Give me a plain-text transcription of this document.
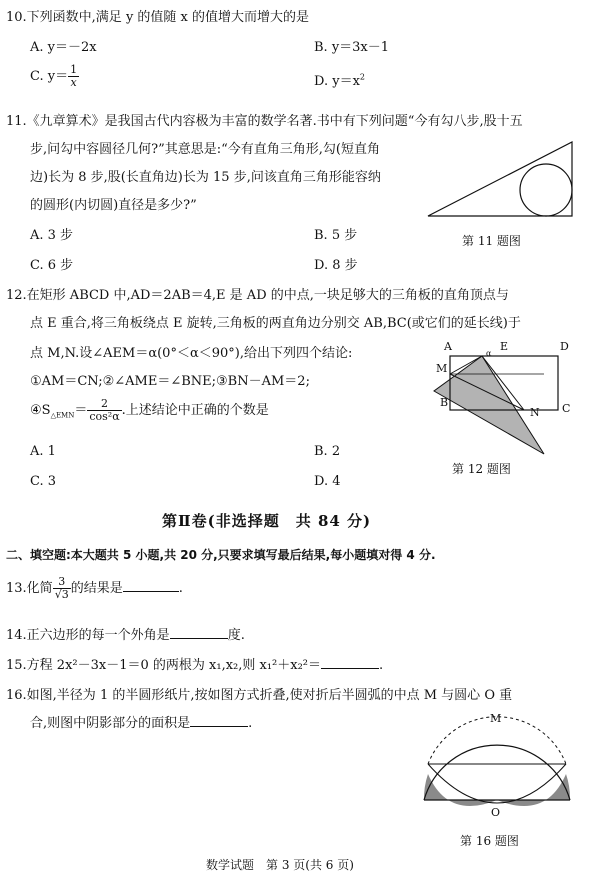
10.下列函数中,满足 y 的值随 x 的值增大而增大的是
A. y＝－2x	B. y＝3x－1
C. $y= \frac{1}{x}$	D. $y=x^2$
11.《九章算术》是我国古代内容极为丰富的数学名著.书中有下列问题“今有勾八步,股十五
步,问勾中容圆径几何?”其意思是:“今有直角三角形,勾(短直角
边)长为 8 步,股(长直角边)长为 15 步,问该直角三角形能容纳
的圆形(内切圆)直径是多少?”
A. 3 步	B. 5 步
C. 6 步	D. 8 步
第 11 题图
12.在矩形 ABCD 中,AD＝2AB＝4,E 是 AD 的中点,一块足够大的三角板的直角顶点与
点 E 重合,将三角板绕点 E 旋转,三角板的两直角边分别交 AB,BC(或它们的延长线)于
点 M,N.设∠AEM＝α(0°＜α＜90°),给出下列四个结论:
①AM＝CN;②∠AME＝∠BNE;③BN－AM＝2;
$④S_{\triangle EMN}= \frac{2}{\text{cos²α}}$ .上述结论中正确的个数是
A. 1	B. 2
C. 3	D. 4
A	E	D
α
M
B
N C
第 12 题图
第Ⅱ卷(非选择题　共 84 分)
二、填空题:本大题共 5 小题,共 20 分,只要求填写最后结果,每小题填对得 4 分.
13.化简 $\frac{3}{√3}$ 的结果是	.
14.正六边形的每一个外角是	度.
15.方程 2x²－3x－1＝0 的两根为 x₁,x₂,则 x₁²＋x₂²＝	.
16.如图,半径为 1 的半圆形纸片,按如图方式折叠,使对折后半圆弧的中点 M 与圆心 O 重
合,则图中阴影部分的面积是	.	M
O
第 16 题图
数学试题　第 3 页(共 6 页)
